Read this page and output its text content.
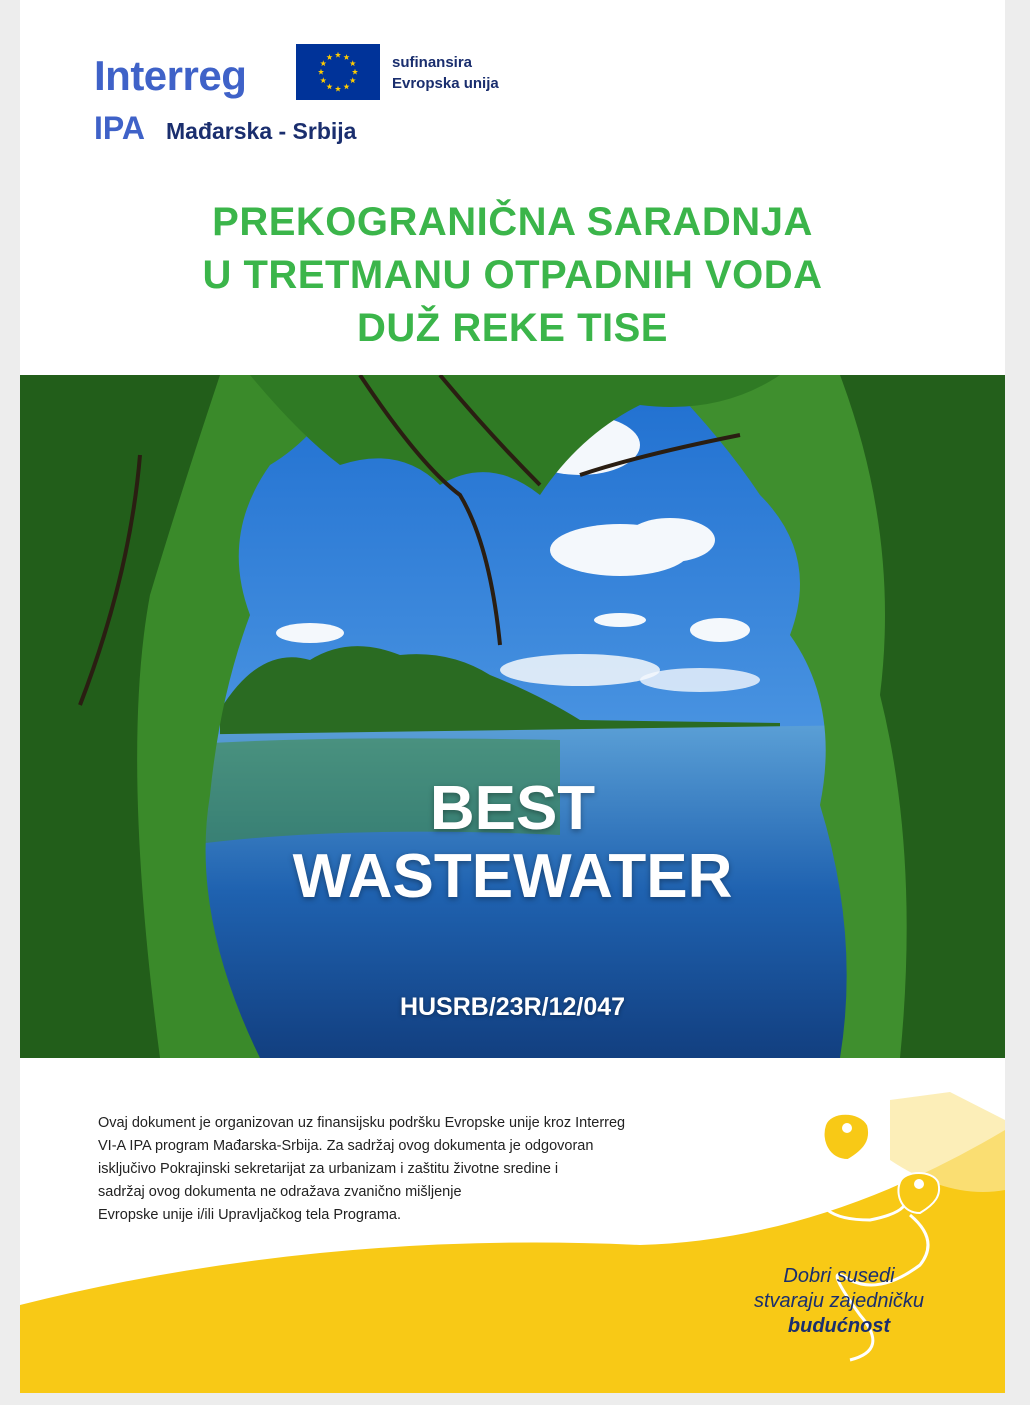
Interreg
IPA Mađarska - Srbija
sufinansira
Evropska unija
PREKOGRANIČNA SARADNJA
U TRETMANU OTPADNIH VODA
DUŽ REKE TISE
BEST
WASTEWATER
HUSRB/23R/12/047
Ovaj dokument je organizovan uz finansijsku podršku Evropske unije kroz Interreg
VI-A IPA program Mađarska-Srbija. Za sadržaj ovog dokumenta je odgovoran
isključivo Pokrajinski sekretarijat za urbanizam i zaštitu životne sredine i
sadržaj ovog dokumenta ne odražava zvanično mišljenje
Evropske unije i/ili Upravljačkog tela Programa.
Dobri susedi
stvaraju zajedničku
budućnost
